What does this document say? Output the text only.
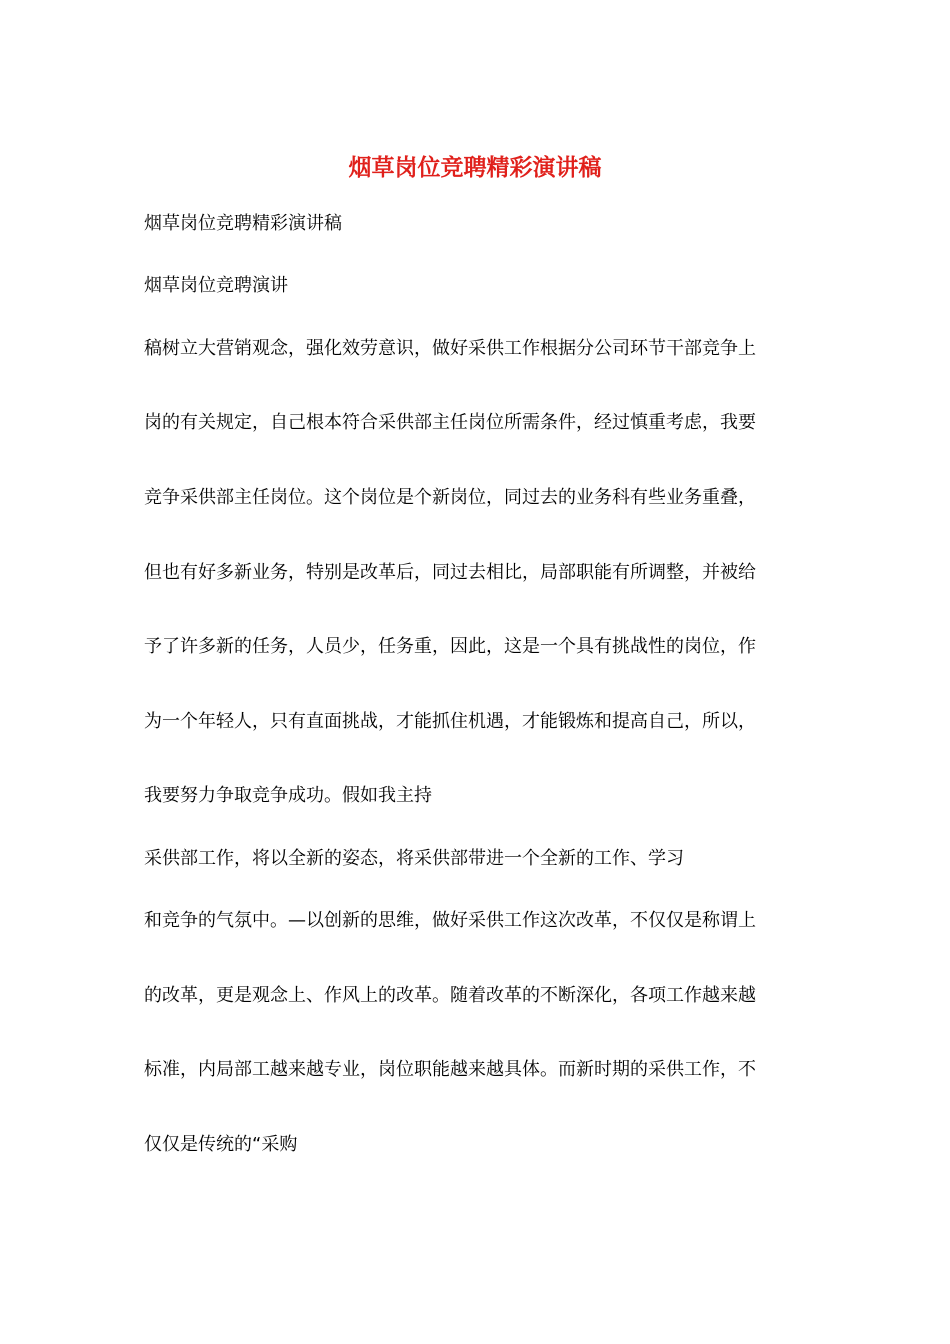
烟草岗位竞聘精彩演讲稿
烟草岗位竞聘精彩演讲稿
烟草岗位竞聘演讲
稿树立大营销观念，强化效劳意识，做好采供工作根据分公司环节干部竞争上
岗的有关规定，自己根本符合采供部主任岗位所需条件，经过慎重考虑，我要
竞争采供部主任岗位。这个岗位是个新岗位，同过去的业务科有些业务重叠，
但也有好多新业务，特别是改革后，同过去相比，局部职能有所调整，并被给
予了许多新的任务，人员少，任务重，因此，这是一个具有挑战性的岗位，作
为一个年轻人，只有直面挑战，才能抓住机遇，才能锻炼和提高自己，所以，
我要努力争取竞争成功。假如我主持
采供部工作，将以全新的姿态，将采供部带进一个全新的工作、学习
和竞争的气氛中。—以创新的思维，做好采供工作这次改革，不仅仅是称谓上
的改革，更是观念上、作风上的改革。随着改革的不断深化，各项工作越来越
标准，内局部工越来越专业，岗位职能越来越具体。而新时期的采供工作，不
仅仅是传统的“采购
